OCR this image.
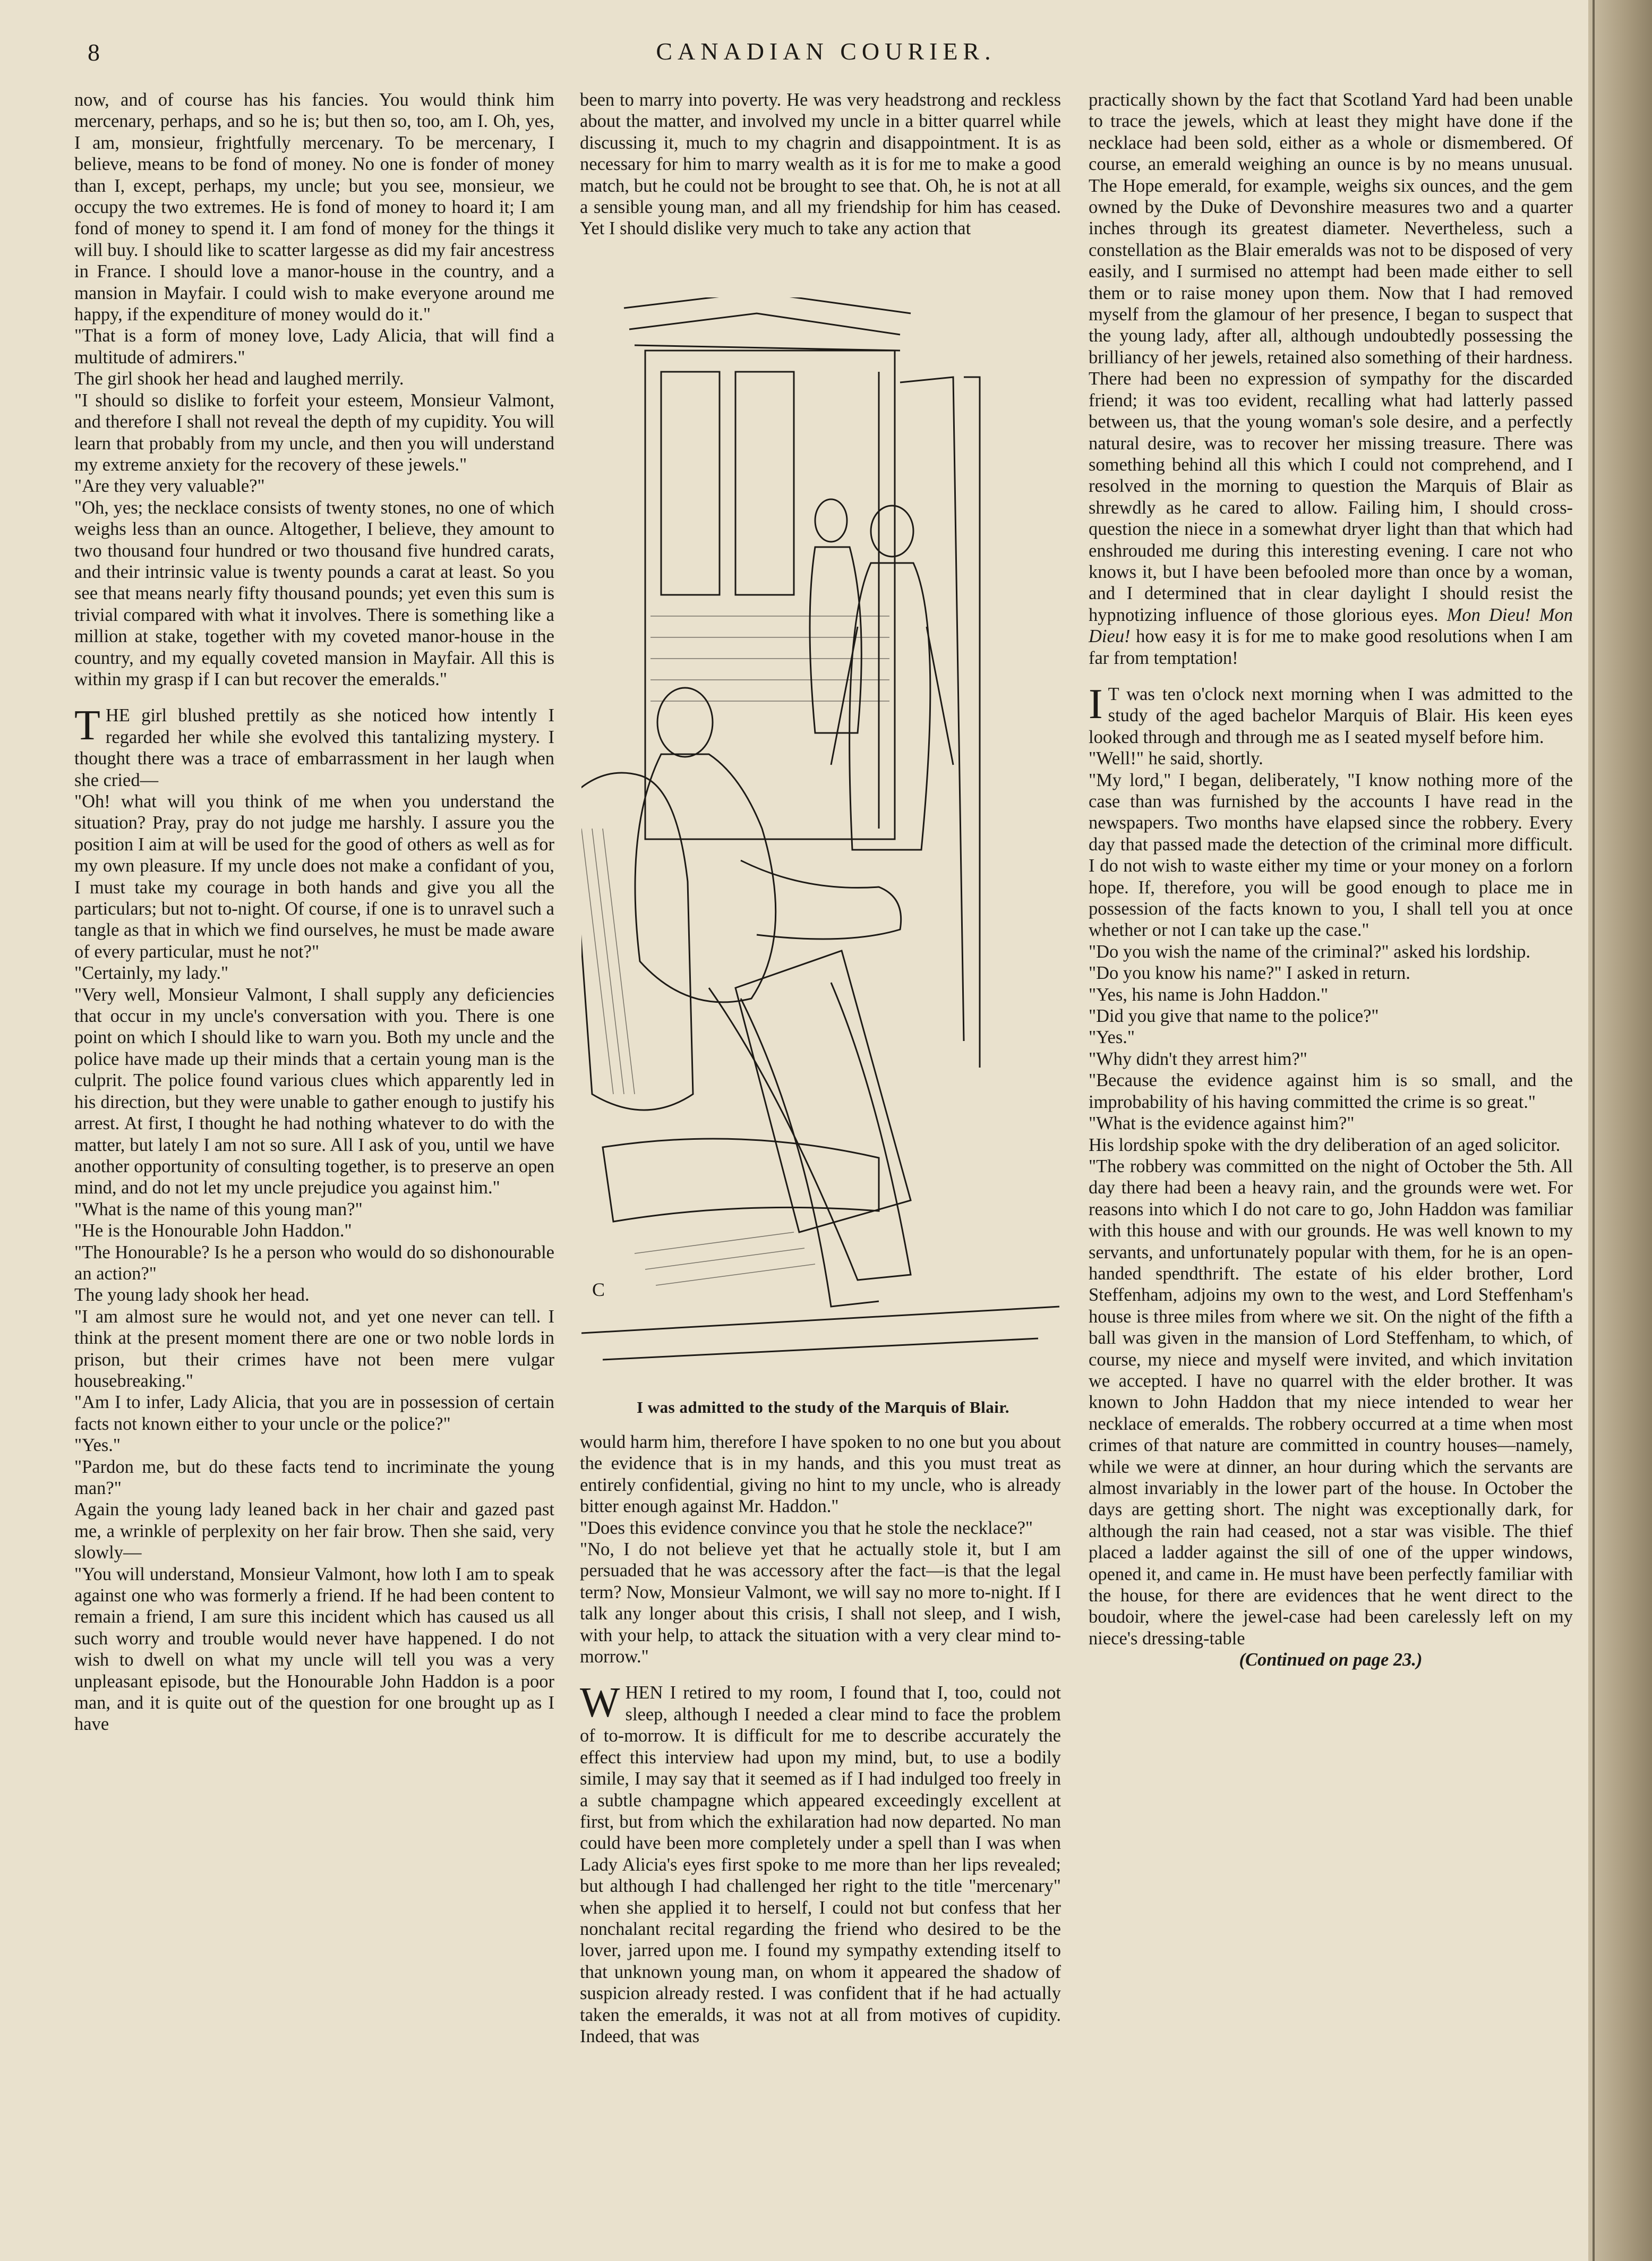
8	CANADIAN COURIER.

now, and of course has his fancies. You would think him mercenary, perhaps, and so he is; but then so, too, am I. Oh, yes, I am, monsieur, frightfully mercenary. To be mercenary, I believe, means to be fond of money. No one is fonder of money than I, except, perhaps, my uncle; but you see, monsieur, we occupy the two extremes. He is fond of money to hoard it; I am fond of money to spend it. I am fond of money for the things it will buy. I should like to scatter largesse as did my fair ancestress in France. I should love a manor-house in the country, and a mansion in Mayfair. I could wish to make everyone around me happy, if the expenditure of money would do it."

"That is a form of money love, Lady Alicia, that will find a multitude of admirers."

The girl shook her head and laughed merrily.

"I should so dislike to forfeit your esteem, Monsieur Valmont, and therefore I shall not reveal the depth of my cupidity. You will learn that probably from my uncle, and then you will understand my extreme anxiety for the recovery of these jewels."

"Are they very valuable?"

"Oh, yes; the necklace consists of twenty stones, no one of which weighs less than an ounce. Altogether, I believe, they amount to two thousand four hundred or two thousand five hundred carats, and their intrinsic value is twenty pounds a carat at least. So you see that means nearly fifty thousand pounds; yet even this sum is trivial compared with what it involves. There is something like a million at stake, together with my coveted manor-house in the country, and my equally coveted mansion in Mayfair. All this is within my grasp if I can but recover the emeralds."

THE girl blushed prettily as she noticed how intently I regarded her while she evolved this tantalizing mystery. I thought there was a trace of embarrassment in her laugh when she cried—

"Oh! what will you think of me when you understand the situation? Pray, pray do not judge me harshly. I assure you the position I aim at will be used for the good of others as well as for my own pleasure. If my uncle does not make a confidant of you, I must take my courage in both hands and give you all the particulars; but not to-night. Of course, if one is to unravel such a tangle as that in which we find ourselves, he must be made aware of every particular, must he not?"

"Certainly, my lady."

"Very well, Monsieur Valmont, I shall supply any deficiencies that occur in my uncle's conversation with you. There is one point on which I should like to warn you. Both my uncle and the police have made up their minds that a certain young man is the culprit. The police found various clues which apparently led in his direction, but they were unable to gather enough to justify his arrest. At first, I thought he had nothing whatever to do with the matter, but lately I am not so sure. All I ask of you, until we have another opportunity of consulting together, is to preserve an open mind, and do not let my uncle prejudice you against him."

"What is the name of this young man?"

"He is the Honourable John Haddon."

"The Honourable? Is he a person who would do so dishonourable an action?"

The young lady shook her head.

"I am almost sure he would not, and yet one never can tell. I think at the present moment there are one or two noble lords in prison, but their crimes have not been mere vulgar housebreaking."

"Am I to infer, Lady Alicia, that you are in possession of certain facts not known either to your uncle or the police?"

"Yes."

"Pardon me, but do these facts tend to incriminate the young man?"

Again the young lady leaned back in her chair and gazed past me, a wrinkle of perplexity on her fair brow. Then she said, very slowly—

"You will understand, Monsieur Valmont, how loth I am to speak against one who was formerly a friend. If he had been content to remain a friend, I am sure this incident which has caused us all such worry and trouble would never have happened. I do not wish to dwell on what my uncle will tell you was a very unpleasant episode, but the Honourable John Haddon is a poor man, and it is quite out of the question for one brought up as I have

been to marry into poverty. He was very headstrong and reckless about the matter, and involved my uncle in a bitter quarrel while discussing it, much to my chagrin and disappointment. It is as necessary for him to marry wealth as it is for me to make a good match, but he could not be brought to see that. Oh, he is not at all a sensible young man, and all my friendship for him has ceased. Yet I should dislike very much to take any action that

C
I was admitted to the study of the Marquis of Blair.

would harm him, therefore I have spoken to no one but you about the evidence that is in my hands, and this you must treat as entirely confidential, giving no hint to my uncle, who is already bitter enough against Mr. Haddon."

"Does this evidence convince you that he stole the necklace?"

"No, I do not believe yet that he actually stole it, but I am persuaded that he was accessory after the fact—is that the legal term? Now, Monsieur Valmont, we will say no more to-night. If I talk any longer about this crisis, I shall not sleep, and I wish, with your help, to attack the situation with a very clear mind to-morrow."

WHEN I retired to my room, I found that I, too, could not sleep, although I needed a clear mind to face the problem of to-morrow. It is difficult for me to describe accurately the effect this interview had upon my mind, but, to use a bodily simile, I may say that it seemed as if I had indulged too freely in a subtle champagne which appeared exceedingly excellent at first, but from which the exhilaration had now departed. No man could have been more completely under a spell than I was when Lady Alicia's eyes first spoke to me more than her lips revealed; but although I had challenged her right to the title "mercenary" when she applied it to herself, I could not but confess that her nonchalant recital regarding the friend who desired to be the lover, jarred upon me. I found my sympathy extending itself to that unknown young man, on whom it appeared the shadow of suspicion already rested. I was confident that if he had actually taken the emeralds, it was not at all from motives of cupidity. Indeed, that was

practically shown by the fact that Scotland Yard had been unable to trace the jewels, which at least they might have done if the necklace had been sold, either as a whole or dismembered. Of course, an emerald weighing an ounce is by no means unusual. The Hope emerald, for example, weighs six ounces, and the gem owned by the Duke of Devonshire measures two and a quarter inches through its greatest diameter. Nevertheless, such a constellation as the Blair emeralds was not to be disposed of very easily, and I surmised no attempt had been made either to sell them or to raise money upon them. Now that I had removed myself from the glamour of her presence, I began to suspect that the young lady, after all, although undoubtedly possessing the brilliancy of her jewels, retained also something of their hardness. There had been no expression of sympathy for the discarded friend; it was too evident, recalling what had latterly passed between us, that the young woman's sole desire, and a perfectly natural desire, was to recover her missing treasure. There was something behind all this which I could not comprehend, and I resolved in the morning to question the Marquis of Blair as shrewdly as he cared to allow. Failing him, I should cross-question the niece in a somewhat dryer light than that which had enshrouded me during this interesting evening. I care not who knows it, but I have been befooled more than once by a woman, and I determined that in clear daylight I should resist the hypnotizing influence of those glorious eyes. Mon Dieu! Mon Dieu! how easy it is for me to make good resolutions when I am far from temptation!

I T was ten o'clock next morning when I was admitted to the study of the aged bachelor Marquis of Blair. His keen eyes looked through and through me as I seated myself before him.

"Well!" he said, shortly.

"My lord," I began, deliberately, "I know nothing more of the case than was furnished by the accounts I have read in the newspapers. Two months have elapsed since the robbery. Every day that passed made the detection of the criminal more difficult. I do not wish to waste either my time or your money on a forlorn hope. If, therefore, you will be good enough to place me in possession of the facts known to you, I shall tell you at once whether or not I can take up the case."

"Do you wish the name of the criminal?" asked his lordship.

"Do you know his name?" I asked in return.

"Yes, his name is John Haddon."

"Did you give that name to the police?"

"Yes."

"Why didn't they arrest him?"

"Because the evidence against him is so small, and the improbability of his having committed the crime is so great."

"What is the evidence against him?"

His lordship spoke with the dry deliberation of an aged solicitor.

"The robbery was committed on the night of October the 5th. All day there had been a heavy rain, and the grounds were wet. For reasons into which I do not care to go, John Haddon was familiar with this house and with our grounds. He was well known to my servants, and unfortunately popular with them, for he is an open-handed spendthrift. The estate of his elder brother, Lord Steffenham, adjoins my own to the west, and Lord Steffenham's house is three miles from where we sit. On the night of the fifth a ball was given in the mansion of Lord Steffenham, to which, of course, my niece and myself were invited, and which invitation we accepted. I have no quarrel with the elder brother. It was known to John Haddon that my niece intended to wear her necklace of emeralds. The robbery occurred at a time when most crimes of that nature are committed in country houses—namely, while we were at dinner, an hour during which the servants are almost invariably in the lower part of the house. In October the days are getting short. The night was exceptionally dark, for although the rain had ceased, not a star was visible. The thief placed a ladder against the sill of one of the upper windows, opened it, and came in. He must have been perfectly familiar with the house, for there are evidences that he went direct to the boudoir, where the jewel-case had been carelessly left on my niece's dressing-table

(Continued on page 23.)
